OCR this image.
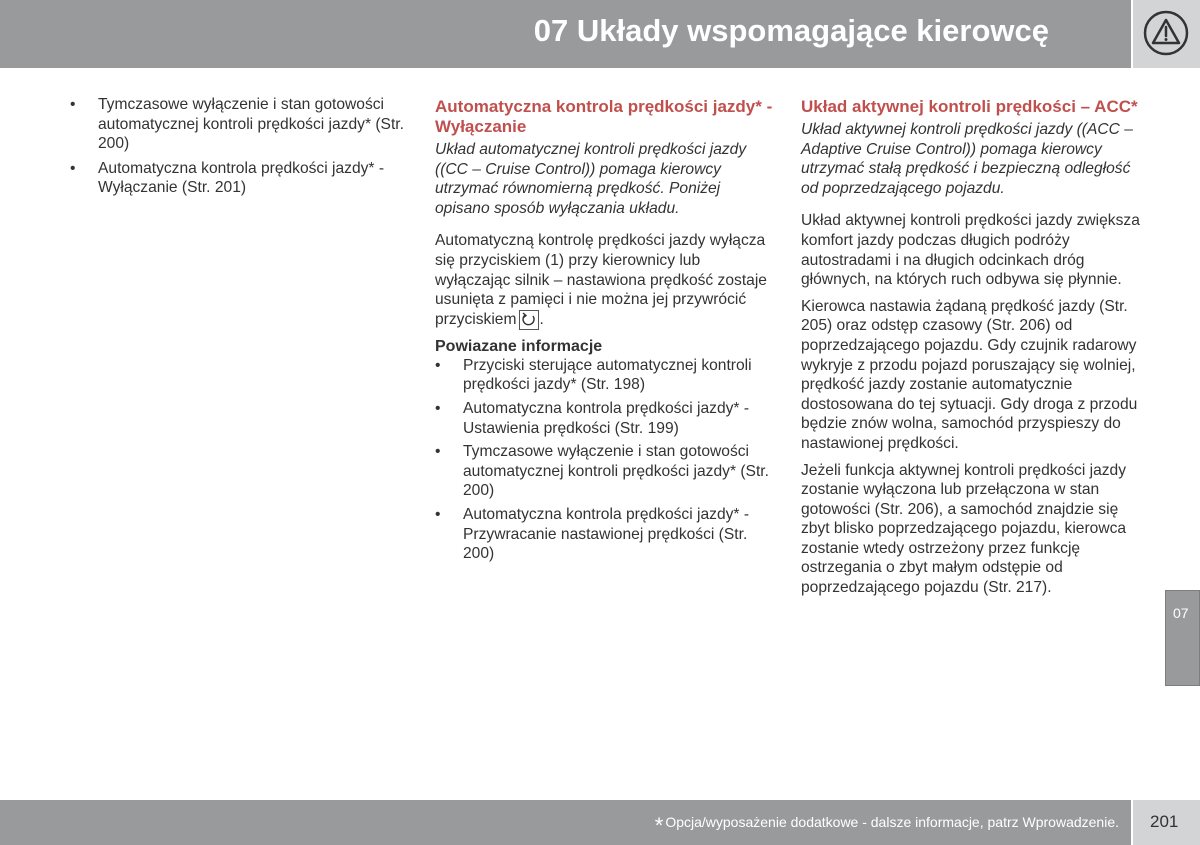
07 Układy wspomagające kierowcę
• Tymczasowe wyłączenie i stan gotowości automatycznej kontroli prędkości jazdy* (Str. 200)
• Automatyczna kontrola prędkości jazdy* - Wyłączanie (Str. 201)
Automatyczna kontrola prędkości jazdy* - Wyłączanie

Układ automatycznej kontroli prędkości jazdy ((CC – Cruise Control)) pomaga kierowcy utrzymać równomierną prędkość. Poniżej opisano sposób wyłączania układu.

Automatyczną kontrolę prędkości jazdy wyłącza się przyciskiem (1) przy kierownicy lub wyłączając silnik – nastawiona prędkość zostaje usunięta z pamięci i nie można jej przywrócić przyciskiem .

Powiazane informacje
• Przyciski sterujące automatycznej kontroli prędkości jazdy* (Str. 198)
• Automatyczna kontrola prędkości jazdy* - Ustawienia prędkości (Str. 199)
• Tymczasowe wyłączenie i stan gotowości automatycznej kontroli prędkości jazdy* (Str. 200)
• Automatyczna kontrola prędkości jazdy* - Przywracanie nastawionej prędkości (Str. 200)
Układ aktywnej kontroli prędkości – ACC*

Układ aktywnej kontroli prędkości jazdy ((ACC – Adaptive Cruise Control)) pomaga kierowcy utrzymać stałą prędkość i bezpieczną odległość od poprzedzającego pojazdu.

Układ aktywnej kontroli prędkości jazdy zwiększa komfort jazdy podczas długich podróży autostradami i na długich odcinkach dróg głównych, na których ruch odbywa się płynnie.

Kierowca nastawia żądaną prędkość jazdy (Str. 205) oraz odstęp czasowy (Str. 206) od poprzedzającego pojazdu. Gdy czujnik radarowy wykryje z przodu pojazd poruszający się wolniej, prędkość jazdy zostanie automatycznie dostosowana do tej sytuacji. Gdy droga z przodu będzie znów wolna, samochód przyspieszy do nastawionej prędkości.

Jeżeli funkcja aktywnej kontroli prędkości jazdy zostanie wyłączona lub przełączona w stan gotowości (Str. 206), a samochód znajdzie się zbyt blisko poprzedzającego pojazdu, kierowca zostanie wtedy ostrzeżony przez funkcję ostrzegania o zbyt małym odstępie od poprzedzającego pojazdu (Str. 217).

07
* Opcja/wyposażenie dodatkowe - dalsze informacje, patrz Wprowadzenie. 201
